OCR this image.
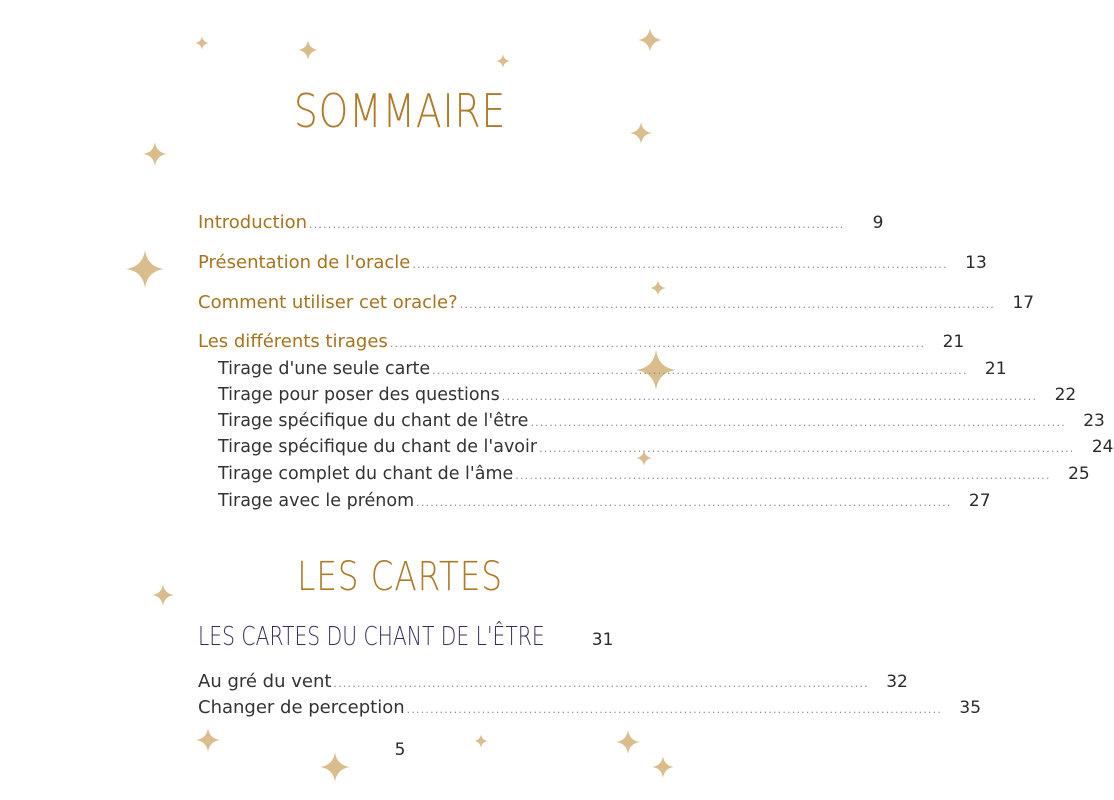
SOMMAIRE
Introduction ..................................................................................................................	9
Présentation de l'oracle ..................................................................................................................	13
Comment utiliser cet oracle? ..................................................................................................................	17
Les différents tirages ..................................................................................................................	21
Tirage d'une seule carte ..................................................................................................................	21
Tirage pour poser des questions ..................................................................................................................	22
Tirage spécifique du chant de l'être ..................................................................................................................	23
Tirage spécifique du chant de l'avoir ..................................................................................................................	24
Tirage complet du chant de l'âme ..................................................................................................................	25
Tirage avec le prénom ..................................................................................................................	27
LES CARTES
LES CARTES DU CHANT DE L'ÊTRE	31
Au gré du vent ..................................................................................................................	32
Changer de perception ..................................................................................................................	35
5
